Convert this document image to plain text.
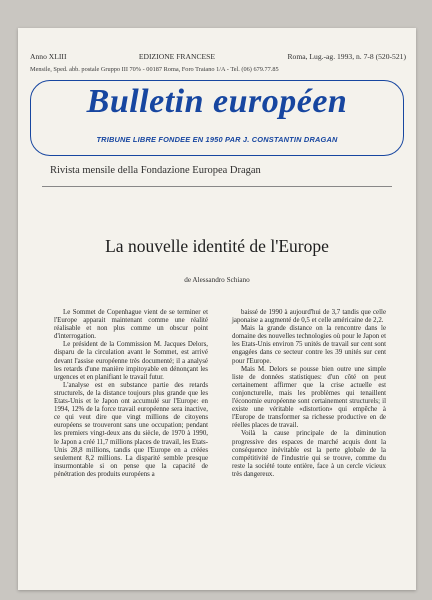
Anno XLIII	EDIZIONE FRANCESE	Roma, Lug.-ag. 1993, n. 7-8 (520-521)
Mensile, Sped. abb. postale Gruppo III 70% - 00187 Roma, Foro Traiano 1/A - Tel. (06) 679.77.85
Bulletin européen
TRIBUNE LIBRE FONDEE EN 1950 PAR J. CONSTANTIN DRAGAN
Rivista mensile della Fondazione Europea Dragan
La nouvelle identité de l'Europe
de Alessandro Schiano

Le Sommet de Copenhague vient de se terminer et l'Europe apparait maintenant comme une réalité réalisable et non plus comme un obscur point d'interrogation.

Le président de la Commission M. Jacques Delors, disparu de la circulation avant le Sommet, est arrivé devant l'assise européenne très documenté; il a analysé les retards d'une manière impitoyable en dénonçant les urgences et en planifiant le travail futur.

L'analyse est en substance partie des retards structurels, de la distance toujours plus grande que les Etats-Unis et le Japon ont accumulé sur l'Europe: en 1994, 12% de la force travail européenne sera inactive, ce qui veut dire que vingt millions de citoyens européens se trouveront sans une occupation; pendant les premiers vingt-deux ans du siècle, de 1970 à 1990, le Japon a créé 11,7 millions places de travail, les Etats-Unis 28,8 millions, tandis que l'Europe en a créées seulement 8,2 millions. La disparité semble presque insurmontable si on pense que la capacité de pénétration des produits européens a

baissé de 1990 à aujourd'hui de 3,7 tandis que celle japonaise a augmenté de 0,5 et celle américaine de 2,2.

Mais la grande distance on la rencontre dans le domaine des nouvelles technologies où pour le Japon et les Etats-Unis environ 75 unités de travail sur cent sont engagées dans ce secteur contre les 39 unités sur cent pour l'Europe.

Mais M. Delors se pousse bien outre une simple liste de données statistiques: d'un côté on peut certainement affirmer que la crise actuelle est conjoncturelle, mais les problèmes qui tenaillent l'économie européenne sont certainement structurels; il existe une véritable «distortion» qui empêche à l'Europe de transformer sa richesse productive en de réelles places de travail.

Voilà la cause principale de la diminution progressive des espaces de marché acquis dont la conséquence inévitable est la perte globale de la compétitivité de l'industrie qui se trouve, comme du reste la société toute entière, face à un cercle vicieux très dangereux.
